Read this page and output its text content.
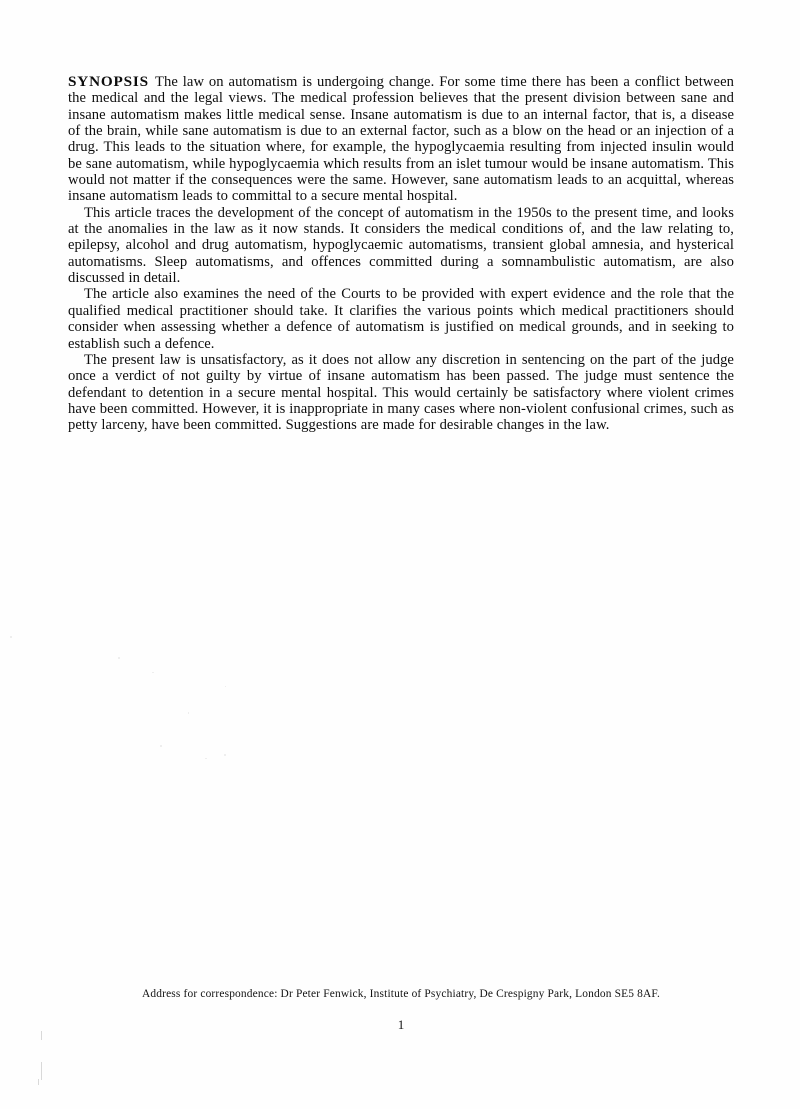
SYNOPSIS The law on automatism is undergoing change. For some time there has been a conflict between the medical and the legal views. The medical profession believes that the present division between sane and insane automatism makes little medical sense. Insane automatism is due to an internal factor, that is, a disease of the brain, while sane automatism is due to an external factor, such as a blow on the head or an injection of a drug. This leads to the situation where, for example, the hypoglycaemia resulting from injected insulin would be sane automatism, while hypoglycaemia which results from an islet tumour would be insane automatism. This would not matter if the consequences were the same. However, sane automatism leads to an acquittal, whereas insane automatism leads to committal to a secure mental hospital.

This article traces the development of the concept of automatism in the 1950s to the present time, and looks at the anomalies in the law as it now stands. It considers the medical conditions of, and the law relating to, epilepsy, alcohol and drug automatism, hypoglycaemic automatisms, transient global amnesia, and hysterical automatisms. Sleep automatisms, and offences committed during a somnambulistic automatism, are also discussed in detail.

The article also examines the need of the Courts to be provided with expert evidence and the role that the qualified medical practitioner should take. It clarifies the various points which medical practitioners should consider when assessing whether a defence of automatism is justified on medical grounds, and in seeking to establish such a defence.

The present law is unsatisfactory, as it does not allow any discretion in sentencing on the part of the judge once a verdict of not guilty by virtue of insane automatism has been passed. The judge must sentence the defendant to detention in a secure mental hospital. This would certainly be satisfactory where violent crimes have been committed. However, it is inappropriate in many cases where non-violent confusional crimes, such as petty larceny, have been committed. Suggestions are made for desirable changes in the law.

Address for correspondence: Dr Peter Fenwick, Institute of Psychiatry, De Crespigny Park, London SE5 8AF.
1
